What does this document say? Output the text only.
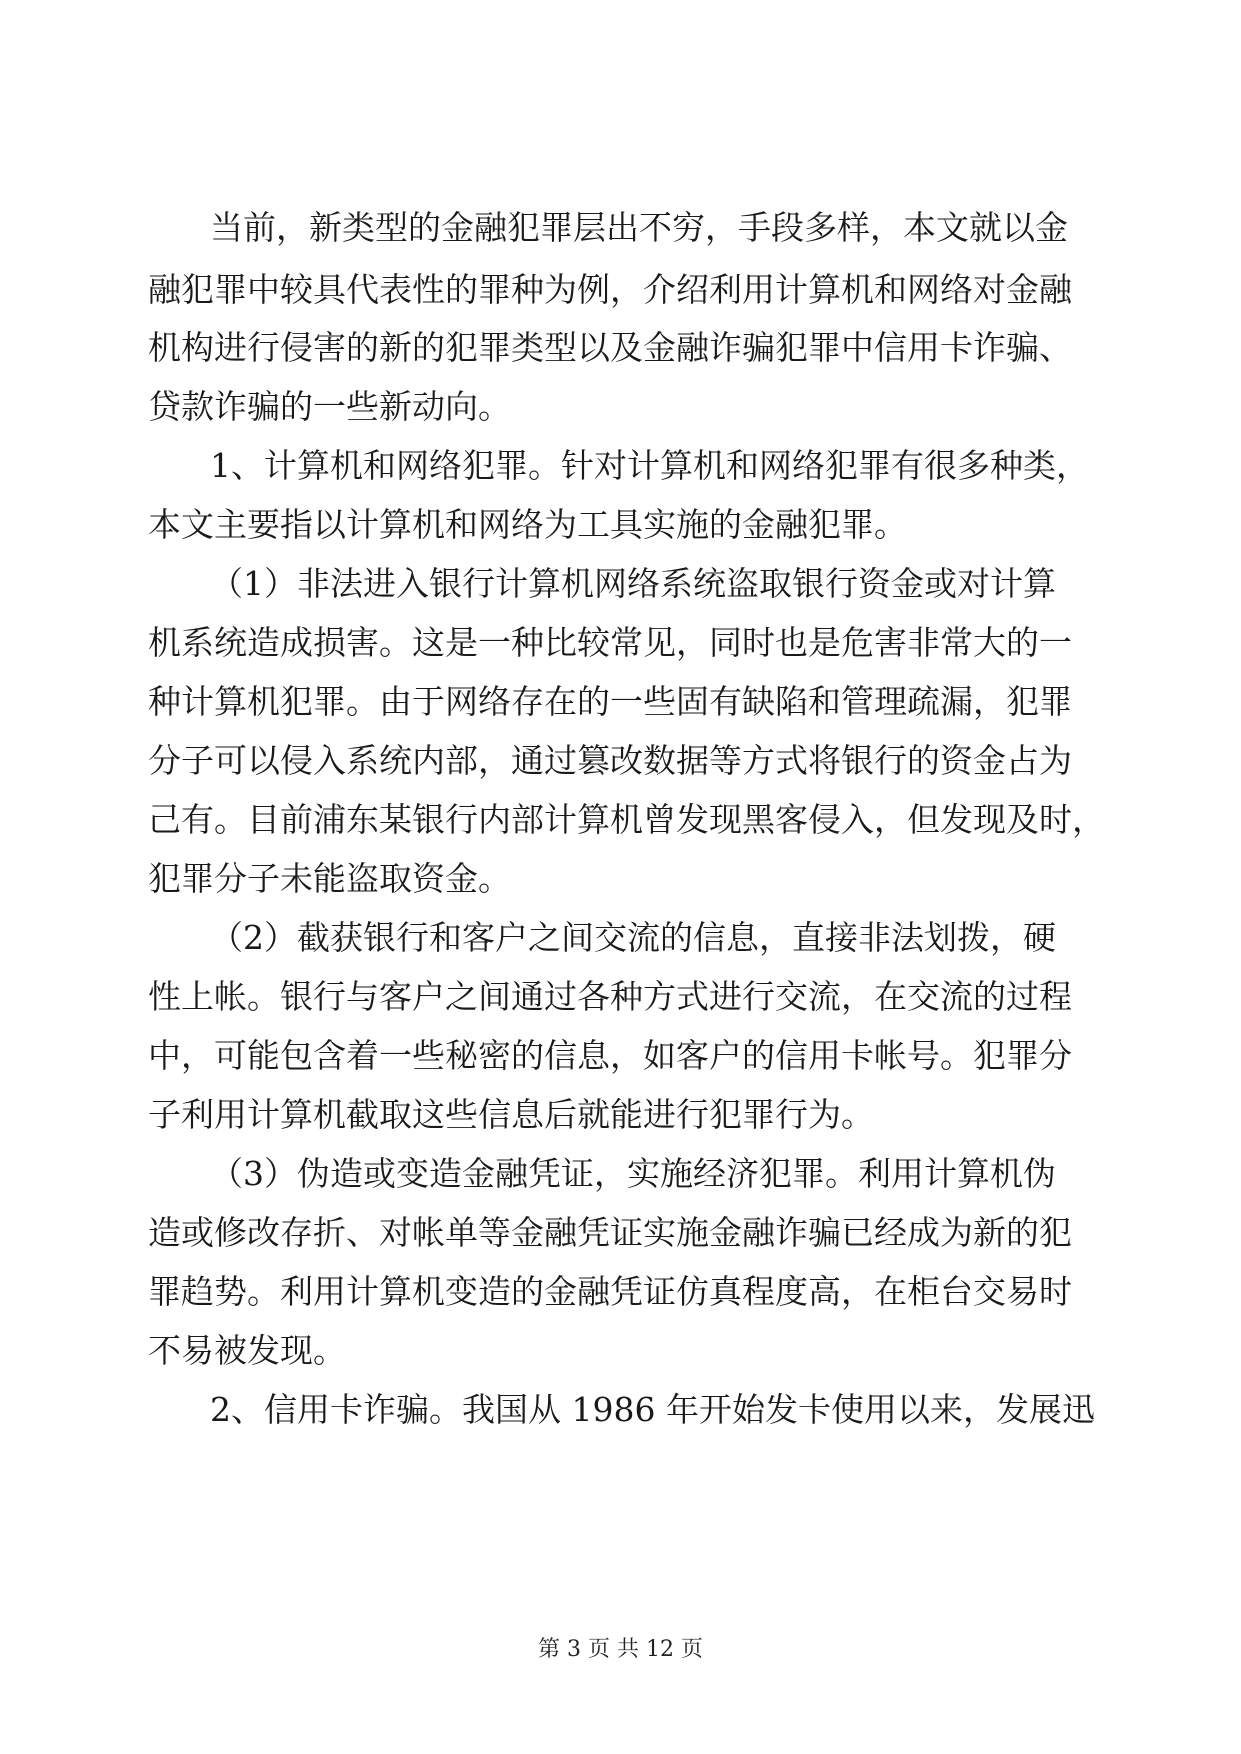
当前，新类型的金融犯罪层出不穷，手段多样，本文就以金

融犯罪中较具代表性的罪种为例，介绍利用计算机和网络对金融

机构进行侵害的新的犯罪类型以及金融诈骗犯罪中信用卡诈骗、

贷款诈骗的一些新动向。

1、计算机和网络犯罪。针对计算机和网络犯罪有很多种类，

本文主要指以计算机和网络为工具实施的金融犯罪。

（1）非法进入银行计算机网络系统盗取银行资金或对计算

机系统造成损害。这是一种比较常见，同时也是危害非常大的一

种计算机犯罪。由于网络存在的一些固有缺陷和管理疏漏，犯罪

分子可以侵入系统内部，通过篡改数据等方式将银行的资金占为

己有。目前浦东某银行内部计算机曾发现黑客侵入，但发现及时，

犯罪分子未能盗取资金。

（2）截获银行和客户之间交流的信息，直接非法划拨，硬

性上帐。银行与客户之间通过各种方式进行交流，在交流的过程

中，可能包含着一些秘密的信息，如客户的信用卡帐号。犯罪分

子利用计算机截取这些信息后就能进行犯罪行为。

（3）伪造或变造金融凭证，实施经济犯罪。利用计算机伪

造或修改存折、对帐单等金融凭证实施金融诈骗已经成为新的犯

罪趋势。利用计算机变造的金融凭证仿真程度高，在柜台交易时

不易被发现。

2、信用卡诈骗。我国从 1986 年开始发卡使用以来，发展迅

第 3 页 共 12 页
